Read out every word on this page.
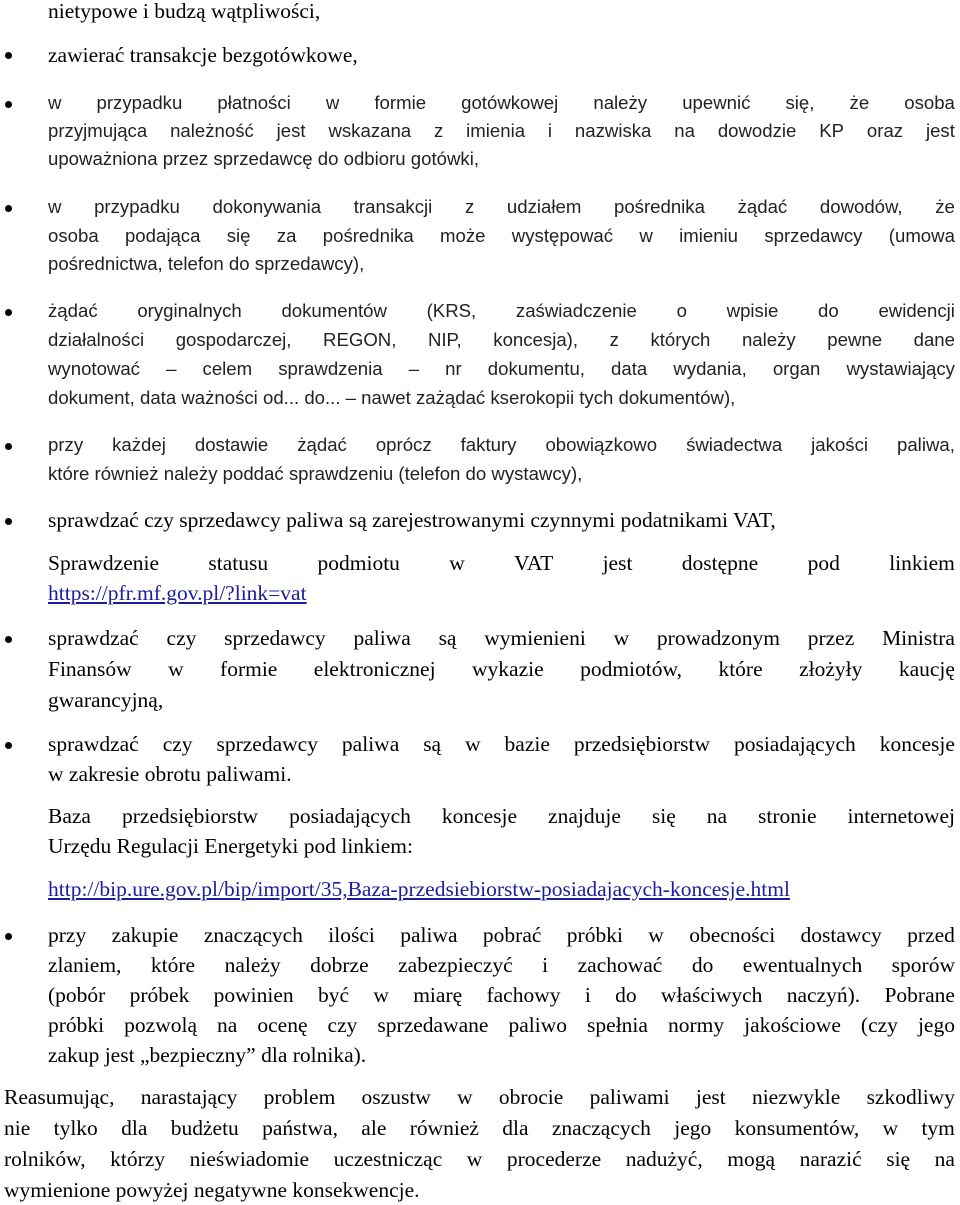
nietypowe i budzą wątpliwości,
zawierać transakcje bezgotówkowe,
w przypadku płatności w formie gotówkowej należy upewnić się, że osoba
przyjmująca należność jest wskazana z imienia i nazwiska na dowodzie KP oraz jest
upoważniona przez sprzedawcę do odbioru gotówki,
w przypadku dokonywania transakcji z udziałem pośrednika żądać dowodów, że
osoba podająca się za pośrednika może występować w imieniu sprzedawcy (umowa
pośrednictwa, telefon do sprzedawcy),
żądać oryginalnych dokumentów (KRS, zaświadczenie o wpisie do ewidencji
działalności gospodarczej, REGON, NIP, koncesja), z których należy pewne dane
wynotować – celem sprawdzenia – nr dokumentu, data wydania, organ wystawiający
dokument, data ważności od... do... – nawet zażądać kserokopii tych dokumentów),
przy każdej dostawie żądać oprócz faktury obowiązkowo świadectwa jakości paliwa,
które również należy poddać sprawdzeniu (telefon do wystawcy),
sprawdzać czy sprzedawcy paliwa są zarejestrowanymi czynnymi podatnikami VAT,
Sprawdzenie statusu podmiotu w VAT jest dostępne pod linkiem
https://pfr.mf.gov.pl/?link=vat
sprawdzać czy sprzedawcy paliwa są wymienieni w prowadzonym przez Ministra
Finansów w formie elektronicznej wykazie podmiotów, które złożyły kaucję
gwarancyjną,
sprawdzać czy sprzedawcy paliwa są w bazie przedsiębiorstw posiadających koncesje
w zakresie obrotu paliwami.
Baza przedsiębiorstw posiadających koncesje znajduje się na stronie internetowej
Urzędu Regulacji Energetyki pod linkiem:
http://bip.ure.gov.pl/bip/import/35,Baza-przedsiebiorstw-posiadajacych-koncesje.html
przy zakupie znaczących ilości paliwa pobrać próbki w obecności dostawcy przed
zlaniem, które należy dobrze zabezpieczyć i zachować do ewentualnych sporów
(pobór próbek powinien być w miarę fachowy i do właściwych naczyń). Pobrane
próbki pozwolą na ocenę czy sprzedawane paliwo spełnia normy jakościowe (czy jego
zakup jest „bezpieczny” dla rolnika).
Reasumując, narastający problem oszustw w obrocie paliwami jest niezwykle szkodliwy
nie tylko dla budżetu państwa, ale również dla znaczących jego konsumentów, w tym
rolników, którzy nieświadomie uczestnicząc w procederze nadużyć, mogą narazić się na
wymienione powyżej negatywne konsekwencje.
